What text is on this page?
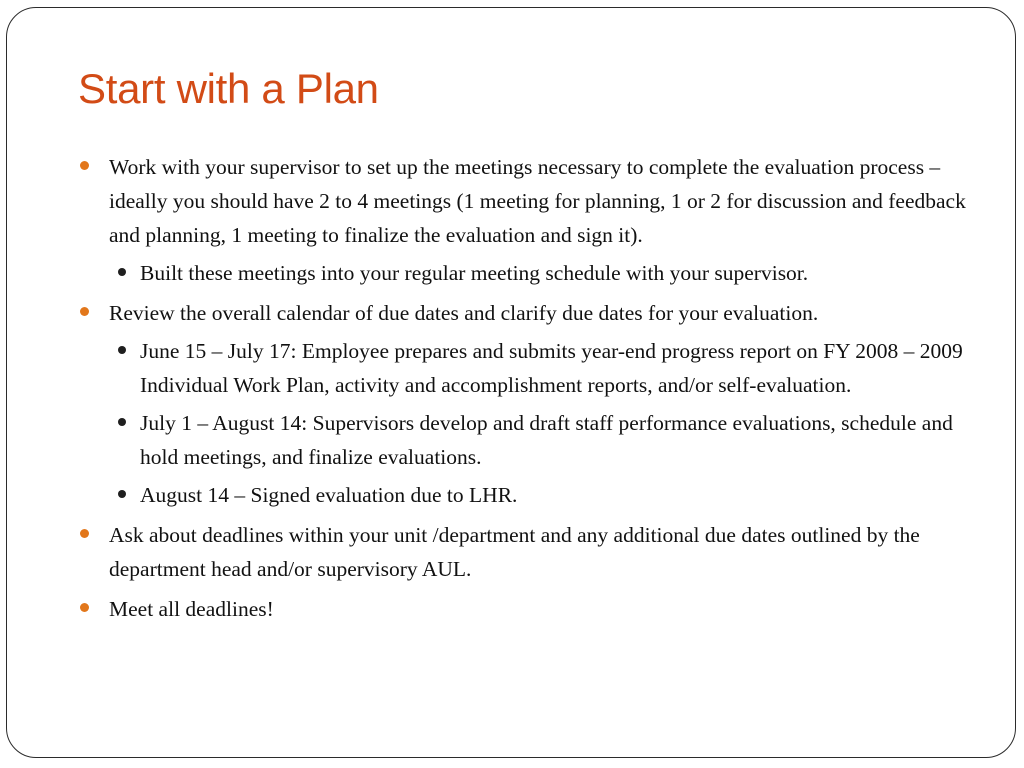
Start with a Plan
Work with your supervisor to set up the meetings necessary to complete the evaluation process – ideally you should have 2 to 4 meetings (1 meeting for planning, 1 or 2 for discussion and feedback and planning, 1 meeting to finalize the evaluation and sign it).
Built these meetings into your regular meeting schedule with your supervisor.
Review the overall calendar of due dates and clarify due dates for your evaluation.
June 15 – July 17: Employee prepares and submits year-end progress report on FY 2008 – 2009 Individual Work Plan, activity and accomplishment reports, and/or self-evaluation.
July 1 – August 14: Supervisors develop and draft staff performance evaluations, schedule and hold meetings, and finalize evaluations.
August 14 – Signed evaluation due to LHR.
Ask about deadlines within your unit /department and any additional due dates outlined by the department head and/or supervisory AUL.
Meet all deadlines!
